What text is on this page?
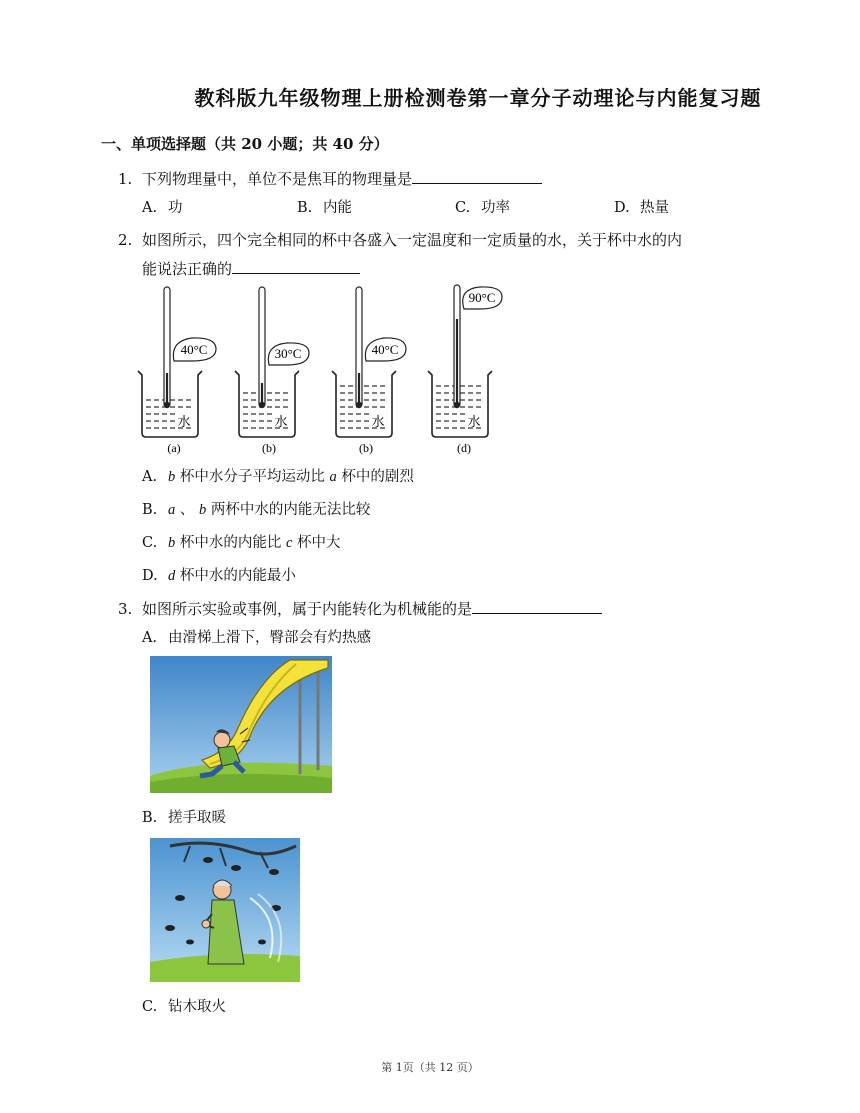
教科版九年级物理上册检测卷第一章分子动理论与内能复习题
一、单项选择题（共 20 小题；共 40 分）
1. 下列物理量中，单位不是焦耳的物理量是
A. 功	B. 内能	C. 功率	D. 热量
2. 如图所示，四个完全相同的杯中各盛入一定温度和一定质量的水，关于杯中水的内
能说法正确的
40°C
水
(a)
30°C
水
(b)
40°C
水
(b)
90°C
水
(d)
A. b 杯中水分子平均运动比 a 杯中的剧烈
B. a 、 b 两杯中水的内能无法比较
C. b 杯中水的内能比 c 杯中大
D. d 杯中水的内能最小
3. 如图所示实验或事例，属于内能转化为机械能的是
A. 由滑梯上滑下，臀部会有灼热感
B. 搓手取暖
C. 钻木取火
第 1页（共 12 页）
